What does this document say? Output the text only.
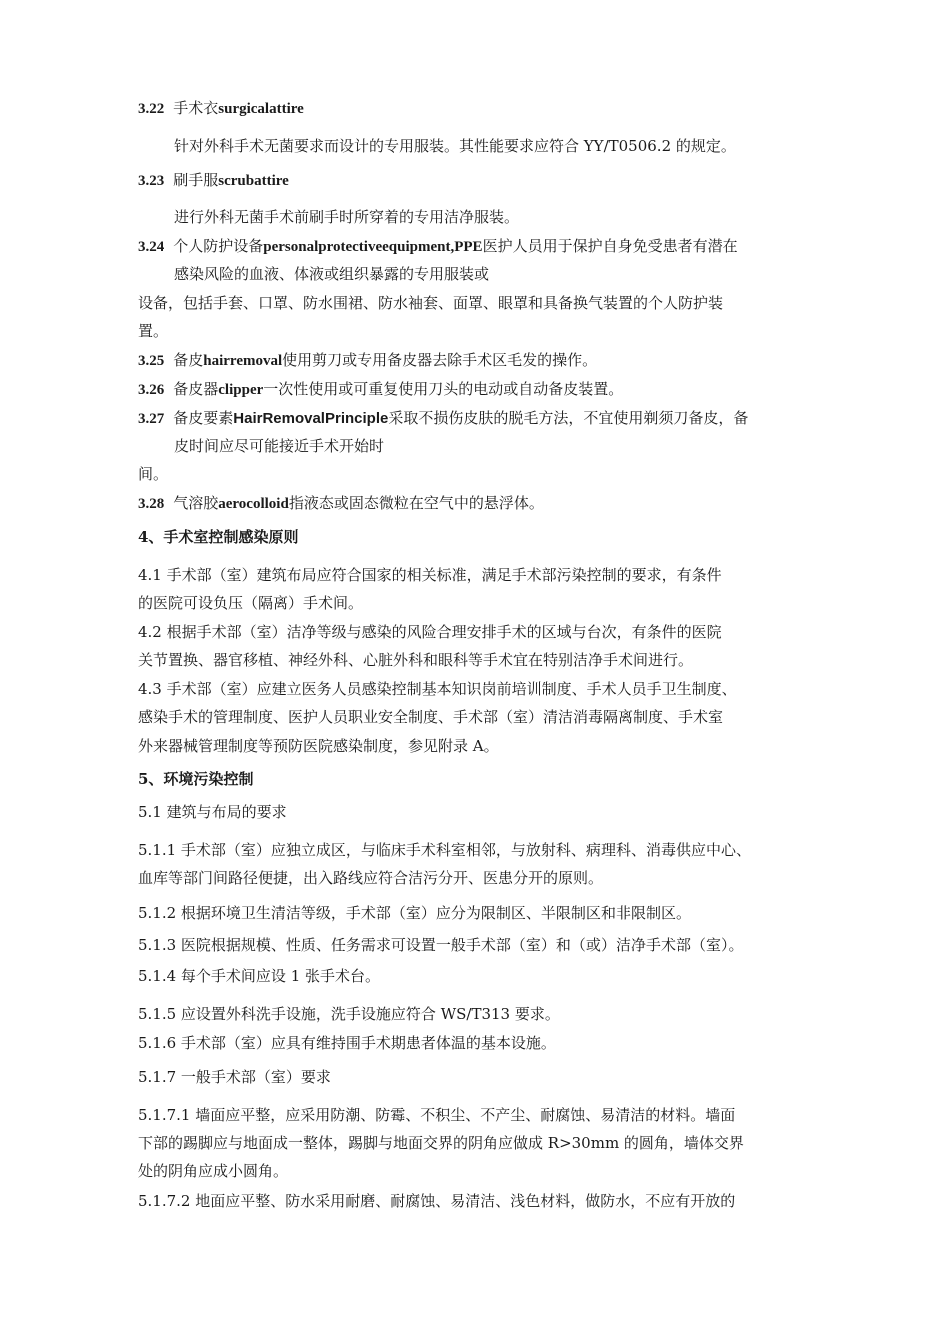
3.22 手术衣surgicalattire
针对外科手术无菌要求而设计的专用服装。其性能要求应符合 YY/T0506.2 的规定。
3.23 刷手服scrubattire
进行外科无菌手术前刷手时所穿着的专用洁净服装。
3.24 个人防护设备personalprotectiveequipment,PPE医护人员用于保护自身免受患者有潜在
感染风险的血液、体液或组织暴露的专用服装或
设备，包括手套、口罩、防水围裙、防水袖套、面罩、眼罩和具备换气装置的个人防护装
置。
3.25 备皮hairremoval使用剪刀或专用备皮器去除手术区毛发的操作。
3.26 备皮器clipper一次性使用或可重复使用刀头的电动或自动备皮装置。
3.27 备皮要素HairRemovalPrinciple采取不损伤皮肤的脱毛方法，不宜使用剃须刀备皮，备
皮时间应尽可能接近手术开始时
间。
3.28 气溶胶aerocolloid指液态或固态微粒在空气中的悬浮体。
4、手术室控制感染原则
4.1 手术部（室）建筑布局应符合国家的相关标准，满足手术部污染控制的要求，有条件
的医院可设负压（隔离）手术间。
4.2 根据手术部（室）洁净等级与感染的风险合理安排手术的区域与台次，有条件的医院
关节置换、器官移植、神经外科、心脏外科和眼科等手术宜在特别洁净手术间进行。
4.3 手术部（室）应建立医务人员感染控制基本知识岗前培训制度、手术人员手卫生制度、
感染手术的管理制度、医护人员职业安全制度、手术部（室）清洁消毒隔离制度、手术室
外来器械管理制度等预防医院感染制度，参见附录 A。
5、环境污染控制
5.1 建筑与布局的要求
5.1.1 手术部（室）应独立成区，与临床手术科室相邻，与放射科、病理科、消毒供应中心、
血库等部门间路径便捷，出入路线应符合洁污分开、医患分开的原则。
5.1.2 根据环境卫生清洁等级，手术部（室）应分为限制区、半限制区和非限制区。
5.1.3 医院根据规模、性质、任务需求可设置一般手术部（室）和（或）洁净手术部（室）。
5.1.4 每个手术间应设 1 张手术台。
5.1.5 应设置外科洗手设施，洗手设施应符合 WS/T313 要求。
5.1.6 手术部（室）应具有维持围手术期患者体温的基本设施。
5.1.7 一般手术部（室）要求
5.1.7.1 墙面应平整，应采用防潮、防霉、不积尘、不产尘、耐腐蚀、易清洁的材料。墙面
下部的踢脚应与地面成一整体，踢脚与地面交界的阴角应做成 R>30mm 的圆角，墙体交界
处的阴角应成小圆角。
5.1.7.2 地面应平整、防水采用耐磨、耐腐蚀、易清洁、浅色材料，做防水，不应有开放的
